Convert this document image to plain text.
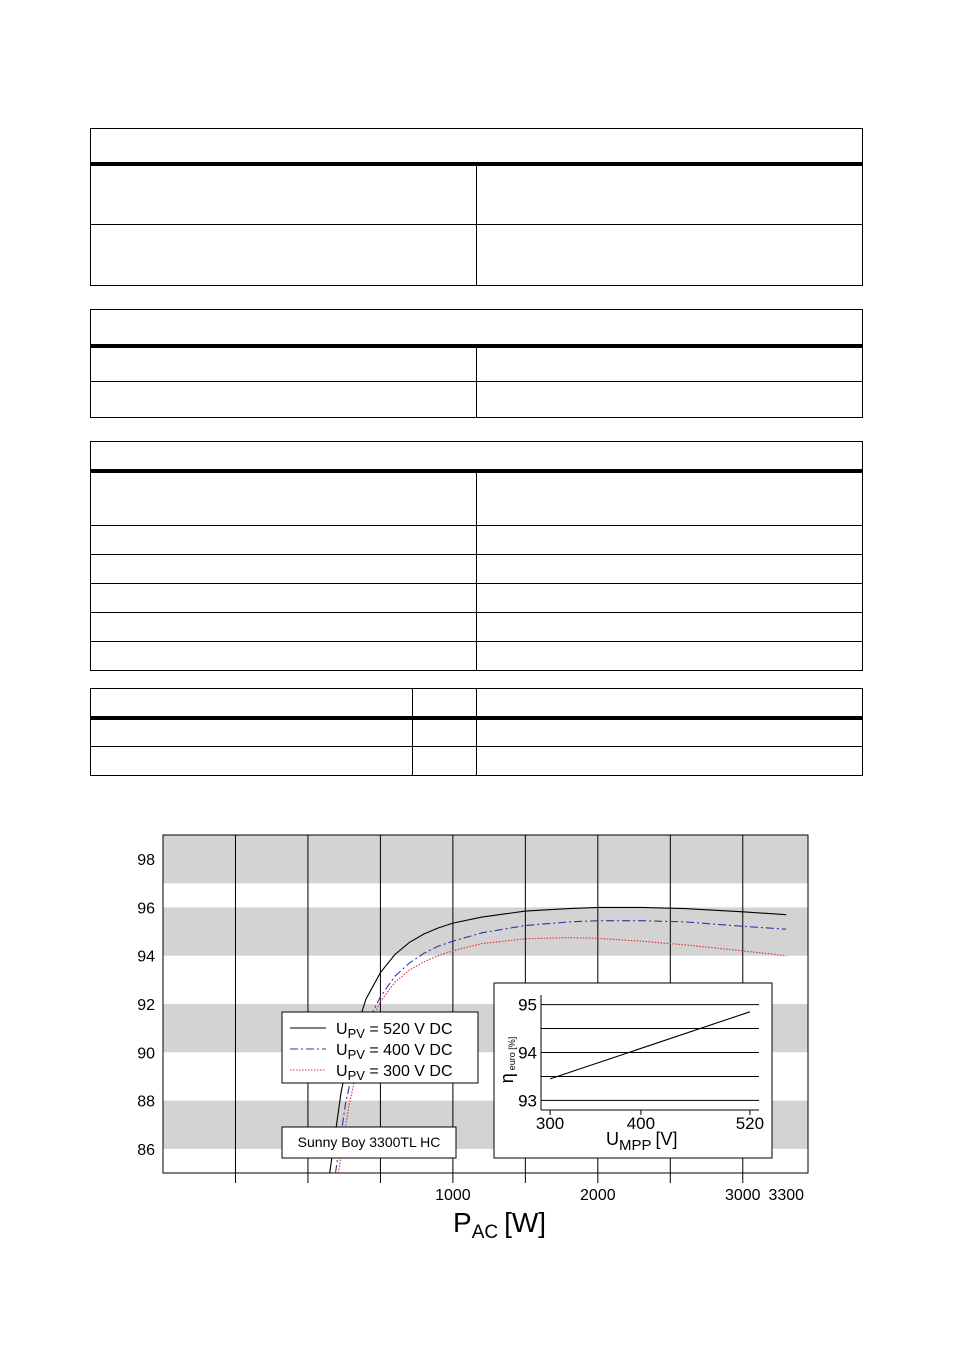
86
88
90
92
94
96
98
1000	2000	3000 3300
$P_{AC}$ [W]
$U_{PV} = 520$ V DC
$U_{PV} = 400$ V DC
$U_{PV} = 300$ V DC
Sunny Boy 3300TL HC
93
94
95
300	400	520
ηeuro [%]
$U_{MPP}$ [V]
